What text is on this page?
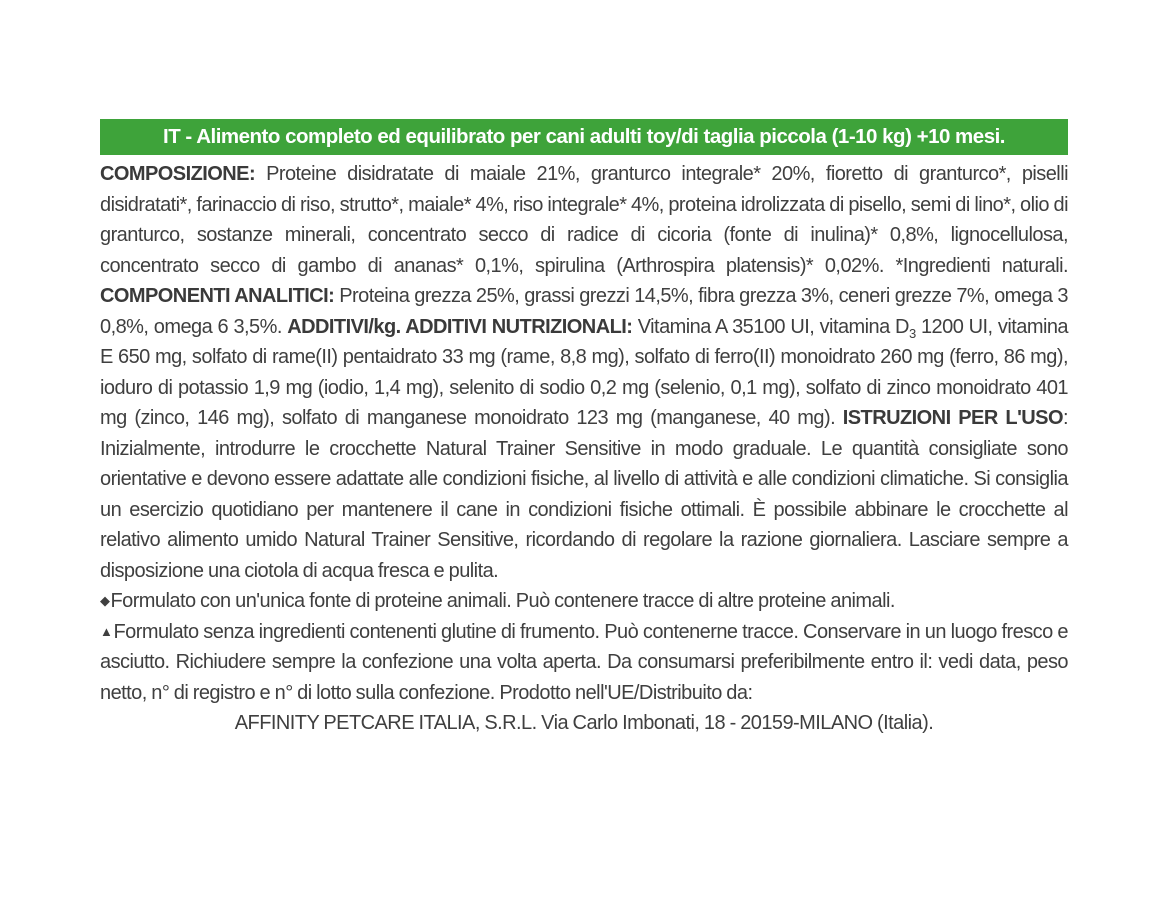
IT - Alimento completo ed equilibrato per cani adulti toy/di taglia piccola (1-10 kg) +10 mesi.
COMPOSIZIONE: Proteine disidratate di maiale 21%, granturco integrale* 20%, fioretto di granturco*, piselli disidratati*, farinaccio di riso, strutto*, maiale* 4%, riso integrale* 4%, proteina idrolizzata di pisello, semi di lino*, olio di granturco, sostanze minerali, concentrato secco di radice di cicoria (fonte di inulina)* 0,8%, lignocellulosa, concentrato secco di gambo di ananas* 0,1%, spirulina (Arthrospira platensis)* 0,02%. *Ingredienti naturali. COMPONENTI ANALITICI: Proteina grezza 25%, grassi grezzi 14,5%, fibra grezza 3%, ceneri grezze 7%, omega 3 0,8%, omega 6 3,5%. ADDITIVI/kg. ADDITIVI NUTRIZIONALI: Vitamina A 35100 UI, vitamina $D_3$ 1200 UI, vitamina E 650 mg, solfato di rame(II) pentaidrato 33 mg (rame, 8,8 mg), solfato di ferro(II) monoidrato 260 mg (ferro, 86 mg), ioduro di potassio 1,9 mg (iodio, 1,4 mg), selenito di sodio 0,2 mg (selenio, 0,1 mg), solfato di zinco monoidrato 401 mg (zinco, 146 mg), solfato di manganese monoidrato 123 mg (manganese, 40 mg). ISTRUZIONI PER L'USO: Inizialmente, introdurre le crocchette Natural Trainer Sensitive in modo graduale. Le quantità consigliate sono orientative e devono essere adattate alle condizioni fisiche, al livello di attività e alle condizioni climatiche. Si consiglia un esercizio quotidiano per mantenere il cane in condizioni fisiche ottimali. È possibile abbinare le crocchette al relativo alimento umido Natural Trainer Sensitive, ricordando di regolare la razione giornaliera. Lasciare sempre a disposizione una ciotola di acqua fresca e pulita.
◆Formulato con un'unica fonte di proteine animali. Può contenere tracce di altre proteine animali.
▲Formulato senza ingredienti contenenti glutine di frumento. Può contenerne tracce. Conservare in un luogo fresco e asciutto. Richiudere sempre la confezione una volta aperta. Da consumarsi preferibilmente entro il: vedi data, peso netto, n° di registro e n° di lotto sulla confezione. Prodotto nell'UE/Distribuito da:
AFFINITY PETCARE ITALIA, S.R.L. Via Carlo Imbonati, 18 - 20159-MILANO (Italia).
